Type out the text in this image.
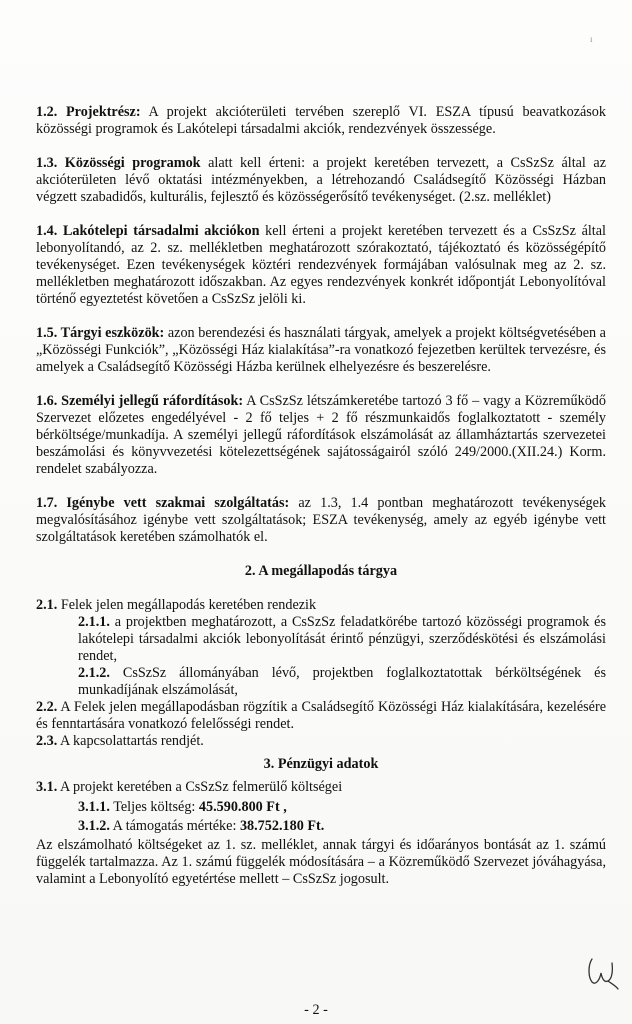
ı

1.2. Projektrész: A projekt akcióterületi tervében szereplő VI. ESZA típusú beavatkozások közösségi programok és Lakótelepi társadalmi akciók, rendezvények összessége.

1.3. Közösségi programok alatt kell érteni: a projekt keretében tervezett, a CsSzSz által az akcióterületen lévő oktatási intézményekben, a létrehozandó Családsegítő Közösségi Házban végzett szabadidős, kulturális, fejlesztő és közösségerősítő tevékenységet. (2.sz. melléklet)

1.4. Lakótelepi társadalmi akciókon kell érteni a projekt keretében tervezett és a CsSzSz által lebonyolítandó, az 2. sz. mellékletben meghatározott szórakoztató, tájékoztató és közösségépítő tevékenységet. Ezen tevékenységek köztéri rendezvények formájában valósulnak meg az 2. sz. mellékletben meghatározott időszakban. Az egyes rendezvények konkrét időpontját Lebonyolítóval történő egyeztetést követően a CsSzSz jelöli ki.

1.5. Tárgyi eszközök: azon berendezési és használati tárgyak, amelyek a projekt költségvetésében a „Közösségi Funkciók”, „Közösségi Ház kialakítása”-ra vonatkozó fejezetben kerültek tervezésre, és amelyek a Családsegítő Közösségi Házba kerülnek elhelyezésre és beszerelésre.

1.6. Személyi jellegű ráfordítások: A CsSzSz létszámkeretébe tartozó 3 fő – vagy a Közreműködő Szervezet előzetes engedélyével - 2 fő teljes + 2 fő részmunkaidős foglalkoztatott - személy bérköltsége/munkadíja. A személyi jellegű ráfordítások elszámolását az államháztartás szervezetei beszámolási és könyvvezetési kötelezettségének sajátosságairól szóló 249/2000.(XII.24.) Korm. rendelet szabályozza.

1.7. Igénybe vett szakmai szolgáltatás: az 1.3, 1.4 pontban meghatározott tevékenységek megvalósításához igénybe vett szolgáltatások; ESZA tevékenység, amely az egyéb igénybe vett szolgáltatások keretében számolhatók el.

2. A megállapodás tárgya

2.1. Felek jelen megállapodás keretében rendezik

2.1.1. a projektben meghatározott, a CsSzSz feladatkörébe tartozó közösségi programok és lakótelepi társadalmi akciók lebonyolítását érintő pénzügyi, szerződéskötési és elszámolási rendet,

2.1.2. CsSzSz állományában lévő, projektben foglalkoztatottak bérköltségének és munkadíjának elszámolását,

2.2. A Felek jelen megállapodásban rögzítik a Családsegítő Közösségi Ház kialakítására, kezelésére és fenntartására vonatkozó felelősségi rendet.

2.3. A kapcsolattartás rendjét.

3. Pénzügyi adatok

3.1. A projekt keretében a CsSzSz felmerülő költségei

3.1.1. Teljes költség: 45.590.800 Ft ,

3.1.2. A támogatás mértéke: 38.752.180 Ft.

Az elszámolható költségeket az 1. sz. melléklet, annak tárgyi és időarányos bontását az 1. számú függelék tartalmazza. Az 1. számú függelék módosítására – a Közreműködő Szervezet jóváhagyása, valamint a Lebonyolító egyetértése mellett – CsSzSz jogosult.

- 2 -
